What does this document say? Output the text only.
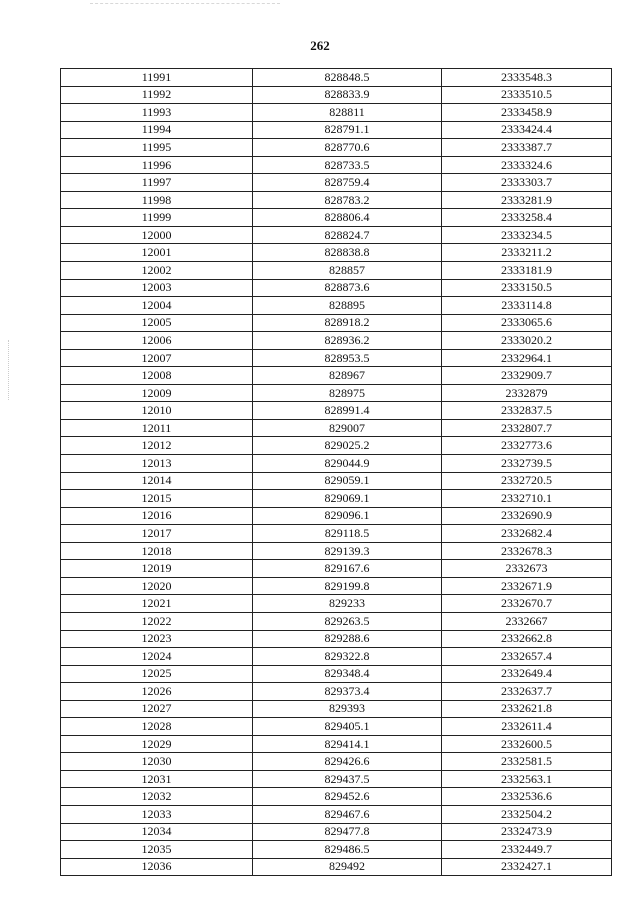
262
11991	828848.5	2333548.3
11992	828833.9	2333510.5
11993	828811	2333458.9
11994	828791.1	2333424.4
11995	828770.6	2333387.7
11996	828733.5	2333324.6
11997	828759.4	2333303.7
11998	828783.2	2333281.9
11999	828806.4	2333258.4
12000	828824.7	2333234.5
12001	828838.8	2333211.2
12002	828857	2333181.9
12003	828873.6	2333150.5
12004	828895	2333114.8
12005	828918.2	2333065.6
12006	828936.2	2333020.2
12007	828953.5	2332964.1
12008	828967	2332909.7
12009	828975	2332879
12010	828991.4	2332837.5
12011	829007	2332807.7
12012	829025.2	2332773.6
12013	829044.9	2332739.5
12014	829059.1	2332720.5
12015	829069.1	2332710.1
12016	829096.1	2332690.9
12017	829118.5	2332682.4
12018	829139.3	2332678.3
12019	829167.6	2332673
12020	829199.8	2332671.9
12021	829233	2332670.7
12022	829263.5	2332667
12023	829288.6	2332662.8
12024	829322.8	2332657.4
12025	829348.4	2332649.4
12026	829373.4	2332637.7
12027	829393	2332621.8
12028	829405.1	2332611.4
12029	829414.1	2332600.5
12030	829426.6	2332581.5
12031	829437.5	2332563.1
12032	829452.6	2332536.6
12033	829467.6	2332504.2
12034	829477.8	2332473.9
12035	829486.5	2332449.7
12036	829492	2332427.1
